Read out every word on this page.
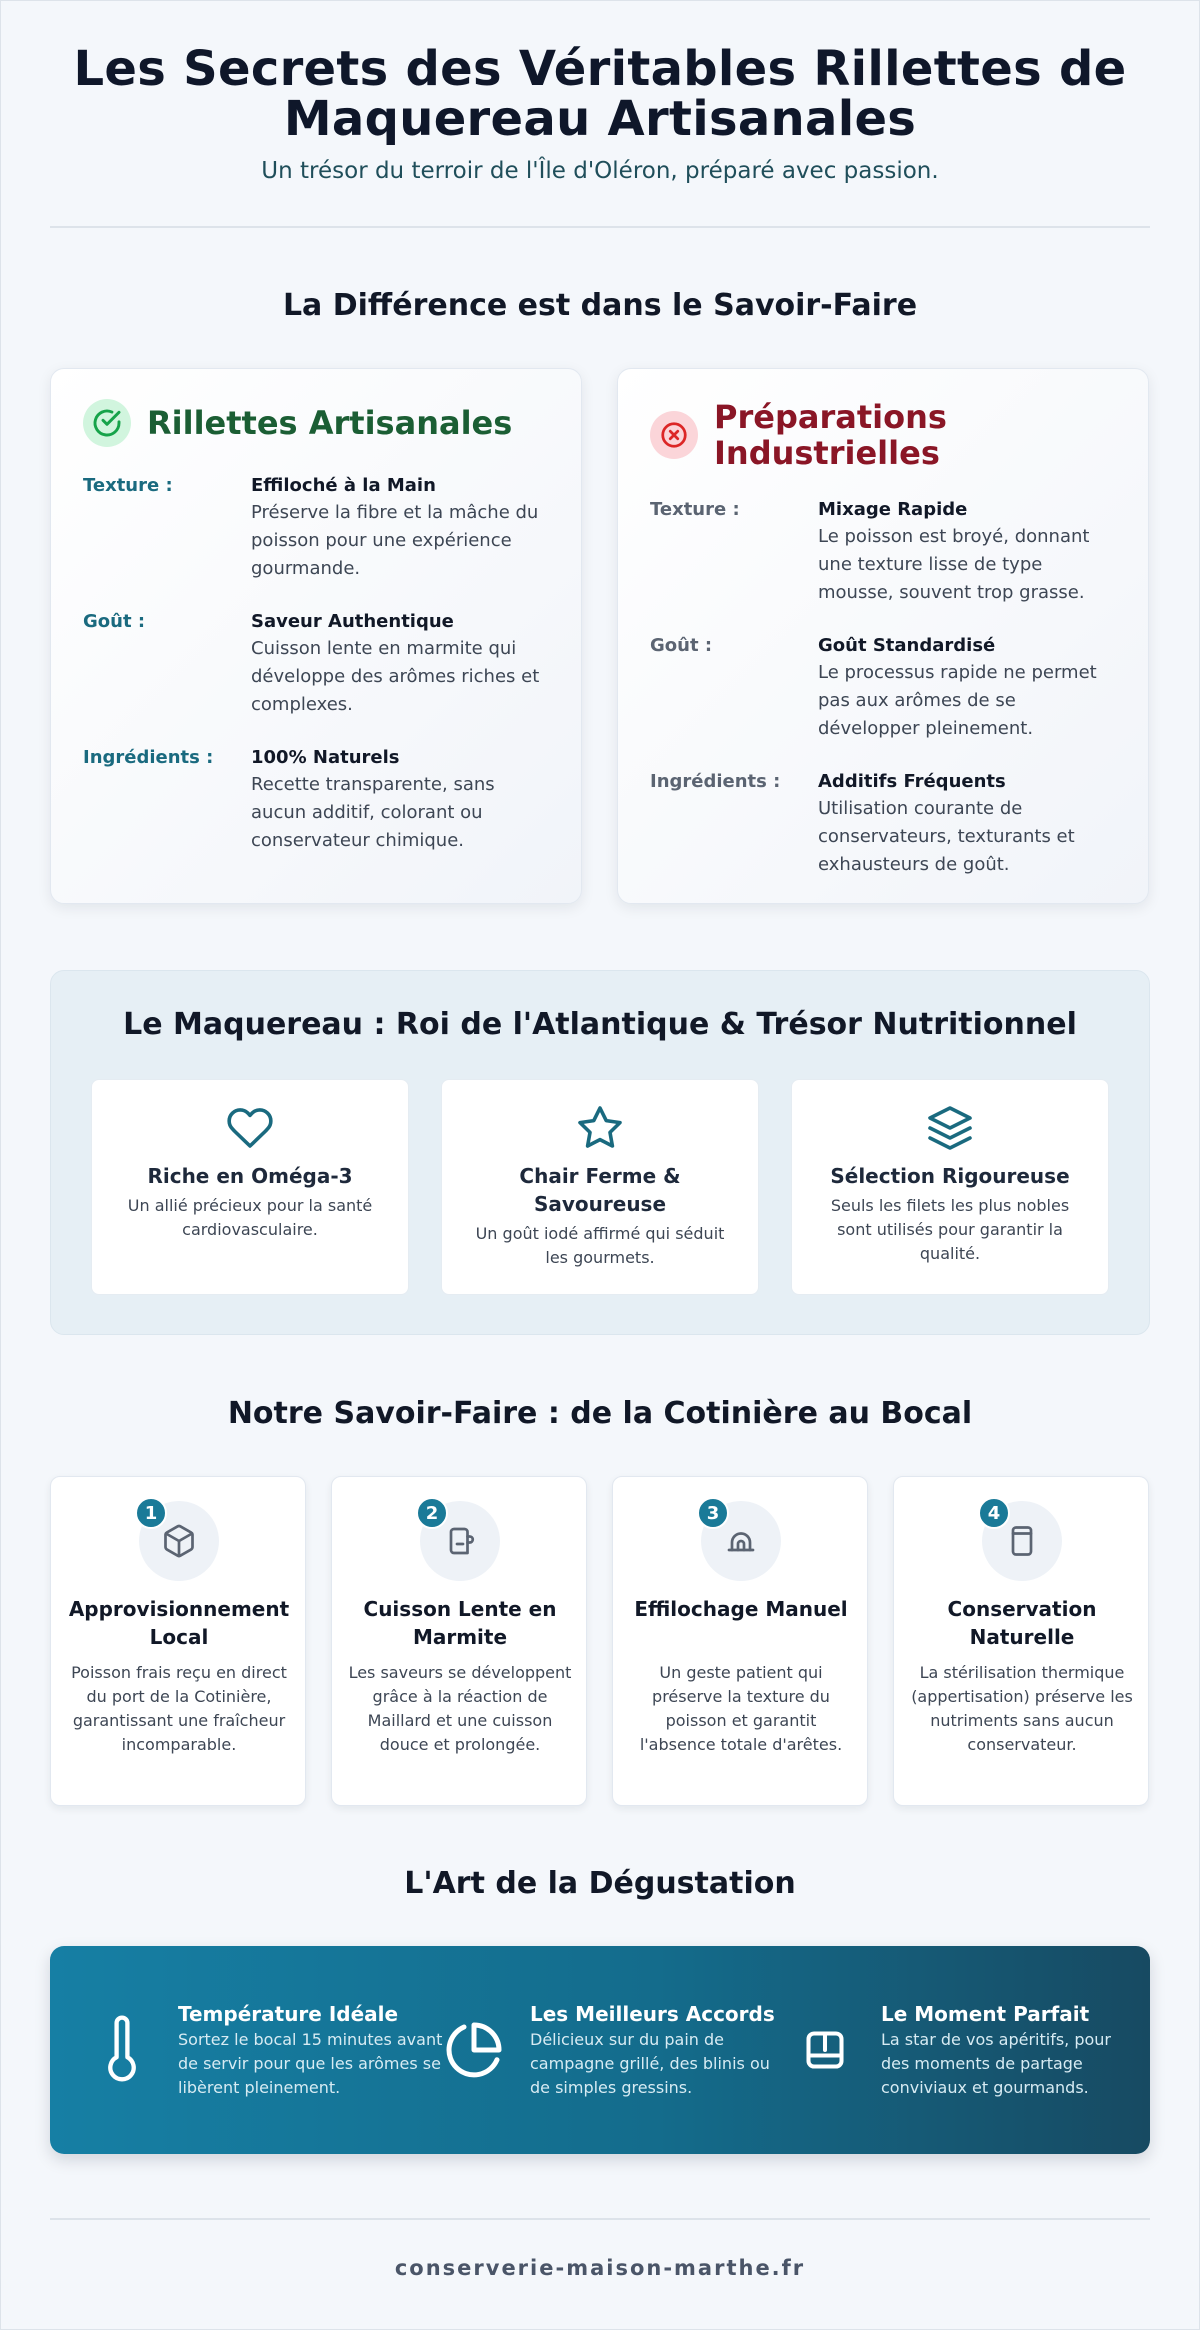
Les Secrets des Véritables Rillettes de Maquereau Artisanales
Un trésor du terroir de l'Île d'Oléron, préparé avec passion.
La Différence est dans le Savoir-Faire
Rillettes Artisanales
Texture :	Effiloché à la Main
Préserve la fibre et la mâche du poisson pour une expérience gourmande.
Goût :	Saveur Authentique
Cuisson lente en marmite qui développe des arômes riches et complexes.
Ingrédients :	100% Naturels
Recette transparente, sans aucun additif, colorant ou conservateur chimique.
Préparations Industrielles
Texture :	Mixage Rapide
Le poisson est broyé, donnant une texture lisse de type mousse, souvent trop grasse.
Goût :	Goût Standardisé
Le processus rapide ne permet pas aux arômes de se développer pleinement.
Ingrédients :	Additifs Fréquents
Utilisation courante de conservateurs, texturants et exhausteurs de goût.
Le Maquereau : Roi de l'Atlantique & Trésor Nutritionnel
Riche en Oméga-3
Un allié précieux pour la santé cardiovasculaire.
Chair Ferme & Savoureuse
Un goût iodé affirmé qui séduit les gourmets.
Sélection Rigoureuse
Seuls les filets les plus nobles sont utilisés pour garantir la qualité.
Notre Savoir-Faire : de la Cotinière au Bocal
1
Approvisionnement Local
Poisson frais reçu en direct du port de la Cotinière, garantissant une fraîcheur incomparable.
2
Cuisson Lente en Marmite
Les saveurs se développent grâce à la réaction de Maillard et une cuisson douce et prolongée.
3
Effilochage Manuel
Un geste patient qui préserve la texture du poisson et garantit l'absence totale d'arêtes.
4
Conservation Naturelle
La stérilisation thermique (appertisation) préserve les nutriments sans aucun conservateur.
L'Art de la Dégustation
Température Idéale
Sortez le bocal 15 minutes avant de servir pour que les arômes se libèrent pleinement.
Les Meilleurs Accords
Délicieux sur du pain de campagne grillé, des blinis ou de simples gressins.
Le Moment Parfait
La star de vos apéritifs, pour des moments de partage conviviaux et gourmands.
conserverie-maison-marthe.fr
